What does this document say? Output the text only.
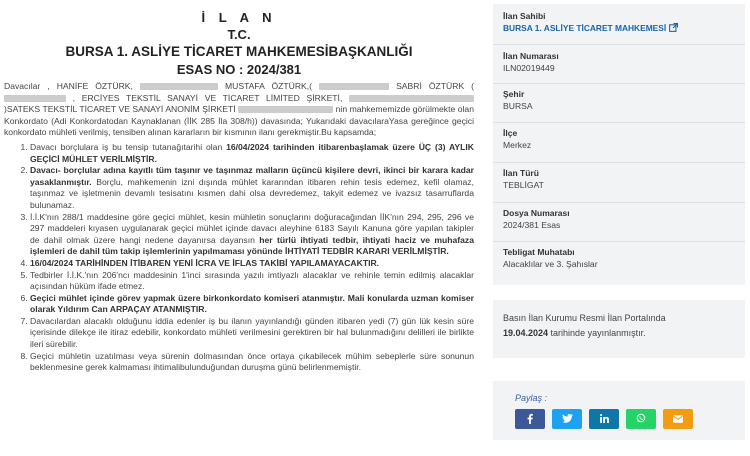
İ L A N
T.C.
BURSA 1. ASLİYE TİCARET MAHKEMESİBAŞKANLIĞI
ESAS NO : 2024/381
Davacılar , HANİFE ÖZTÜRK,	MUSTAFA ÖZTÜRK,(	SABRİ ÖZTÜRK (  , ERCİYES TEKSTİL SANAYİ VE TİCARET LİMİTED ŞİRKETİ,  )SATEKS TEKSTİL TİCARET VE SANAYİ ANONİM ŞİRKETİ	nin mahkememizde görülmekte olan Konkordato (Adi Konkordatodan Kaynaklanan (İİK 285 İla 308/h)) davasında; Yukarıdaki davacılaraYasa gereğince geçici konkordato mühleti verilmiş, tensiben alınan kararların bir kısmının ilanı gerekmiştir.Bu kapsamda;
1. Davacı borçlulara iş bu tensip tutanağıtarihi olan 16/04/2024 tarihinden itibarenbaşlamak üzere ÜÇ (3) AYLIK GEÇİCİ MÜHLET VERİLMİŞTİR.
2. Davacı- borçlular adına kayıtlı tüm taşınır ve taşınmaz malların üçüncü kişilere devri, ikinci bir karara kadar yasaklanmıştır. Borçlu, mahkemenin izni dışında mühlet kararından itibaren rehin tesis edemez, kefil olamaz, taşınmaz ve işletmenin devamlı tesisatını kısmen dahi olsa devredemez, takyit edemez ve ivazsız tasarruflarda bulunamaz.
3. İ.İ.K'nın 288/1 maddesine göre geçici mühlet, kesin mühletin sonuçlarını doğuracağından İİK'nın 294, 295, 296 ve 297 maddeleri kıyasen uygulanarak geçici mühlet içinde davacı aleyhine 6183 Sayılı Kanuna göre yapılan takipler de dahil olmak üzere hangi nedene dayanırsa dayansın her türlü ihtiyati tedbir, ihtiyati haciz ve muhafaza işlemleri de dahil tüm takip işlemlerinin yapılmaması yönünde İHTİYATİ TEDBİR KARARI VERİLMİŞTİR.
4. 16/04/2024 TARİHİNDEN İTİBAREN YENİ İCRA VE İFLAS TAKİBİ YAPILAMAYACAKTIR.
5. Tedbirler İ.İ.K.'nın 206'ncı maddesinin 1'inci sırasında yazılı imtiyazlı alacaklar ve rehinle temin edilmiş alacaklar açısından hüküm ifade etmez.
6. Geçici mühlet içinde görev yapmak üzere birkonkordato komiseri atanmıştır. Mali konularda uzman komiser olarak Yıldırım Can ARPAÇAY ATANMIŞTIR.
7. Davacılardan alacaklı olduğunu iddia edenler iş bu ilanın yayınlandığı günden itibaren yedi (7) gün lük kesin süre içerisinde dilekçe ile itiraz edebilir, konkordato mühleti verilmesini gerektiren bir hal bulunmadığını delilleri ile birlikte ileri sürebilir.
8. Geçici mühletin uzatılması veya sürenin dolmasından önce ortaya çıkabilecek mühim sebeplerle süre sonunun beklenmesine gerek kalmaması ihtimalibulunduğundan duruşma günü belirlenmemiştir.
İlan Sahibi
BURSA 1. ASLİYE TİCARET MAHKEMESİ
İlan Numarası
ILN02019449
Şehir
BURSA
İlçe
Merkez
İlan Türü
TEBLİGAT
Dosya Numarası
2024/381 Esas
Tebligat Muhatabı
Alacaklılar ve 3. Şahıslar
Basın İlan Kurumu Resmi İlan Portalında
19.04.2024 tarihinde yayınlanmıştır.
Paylaş :
